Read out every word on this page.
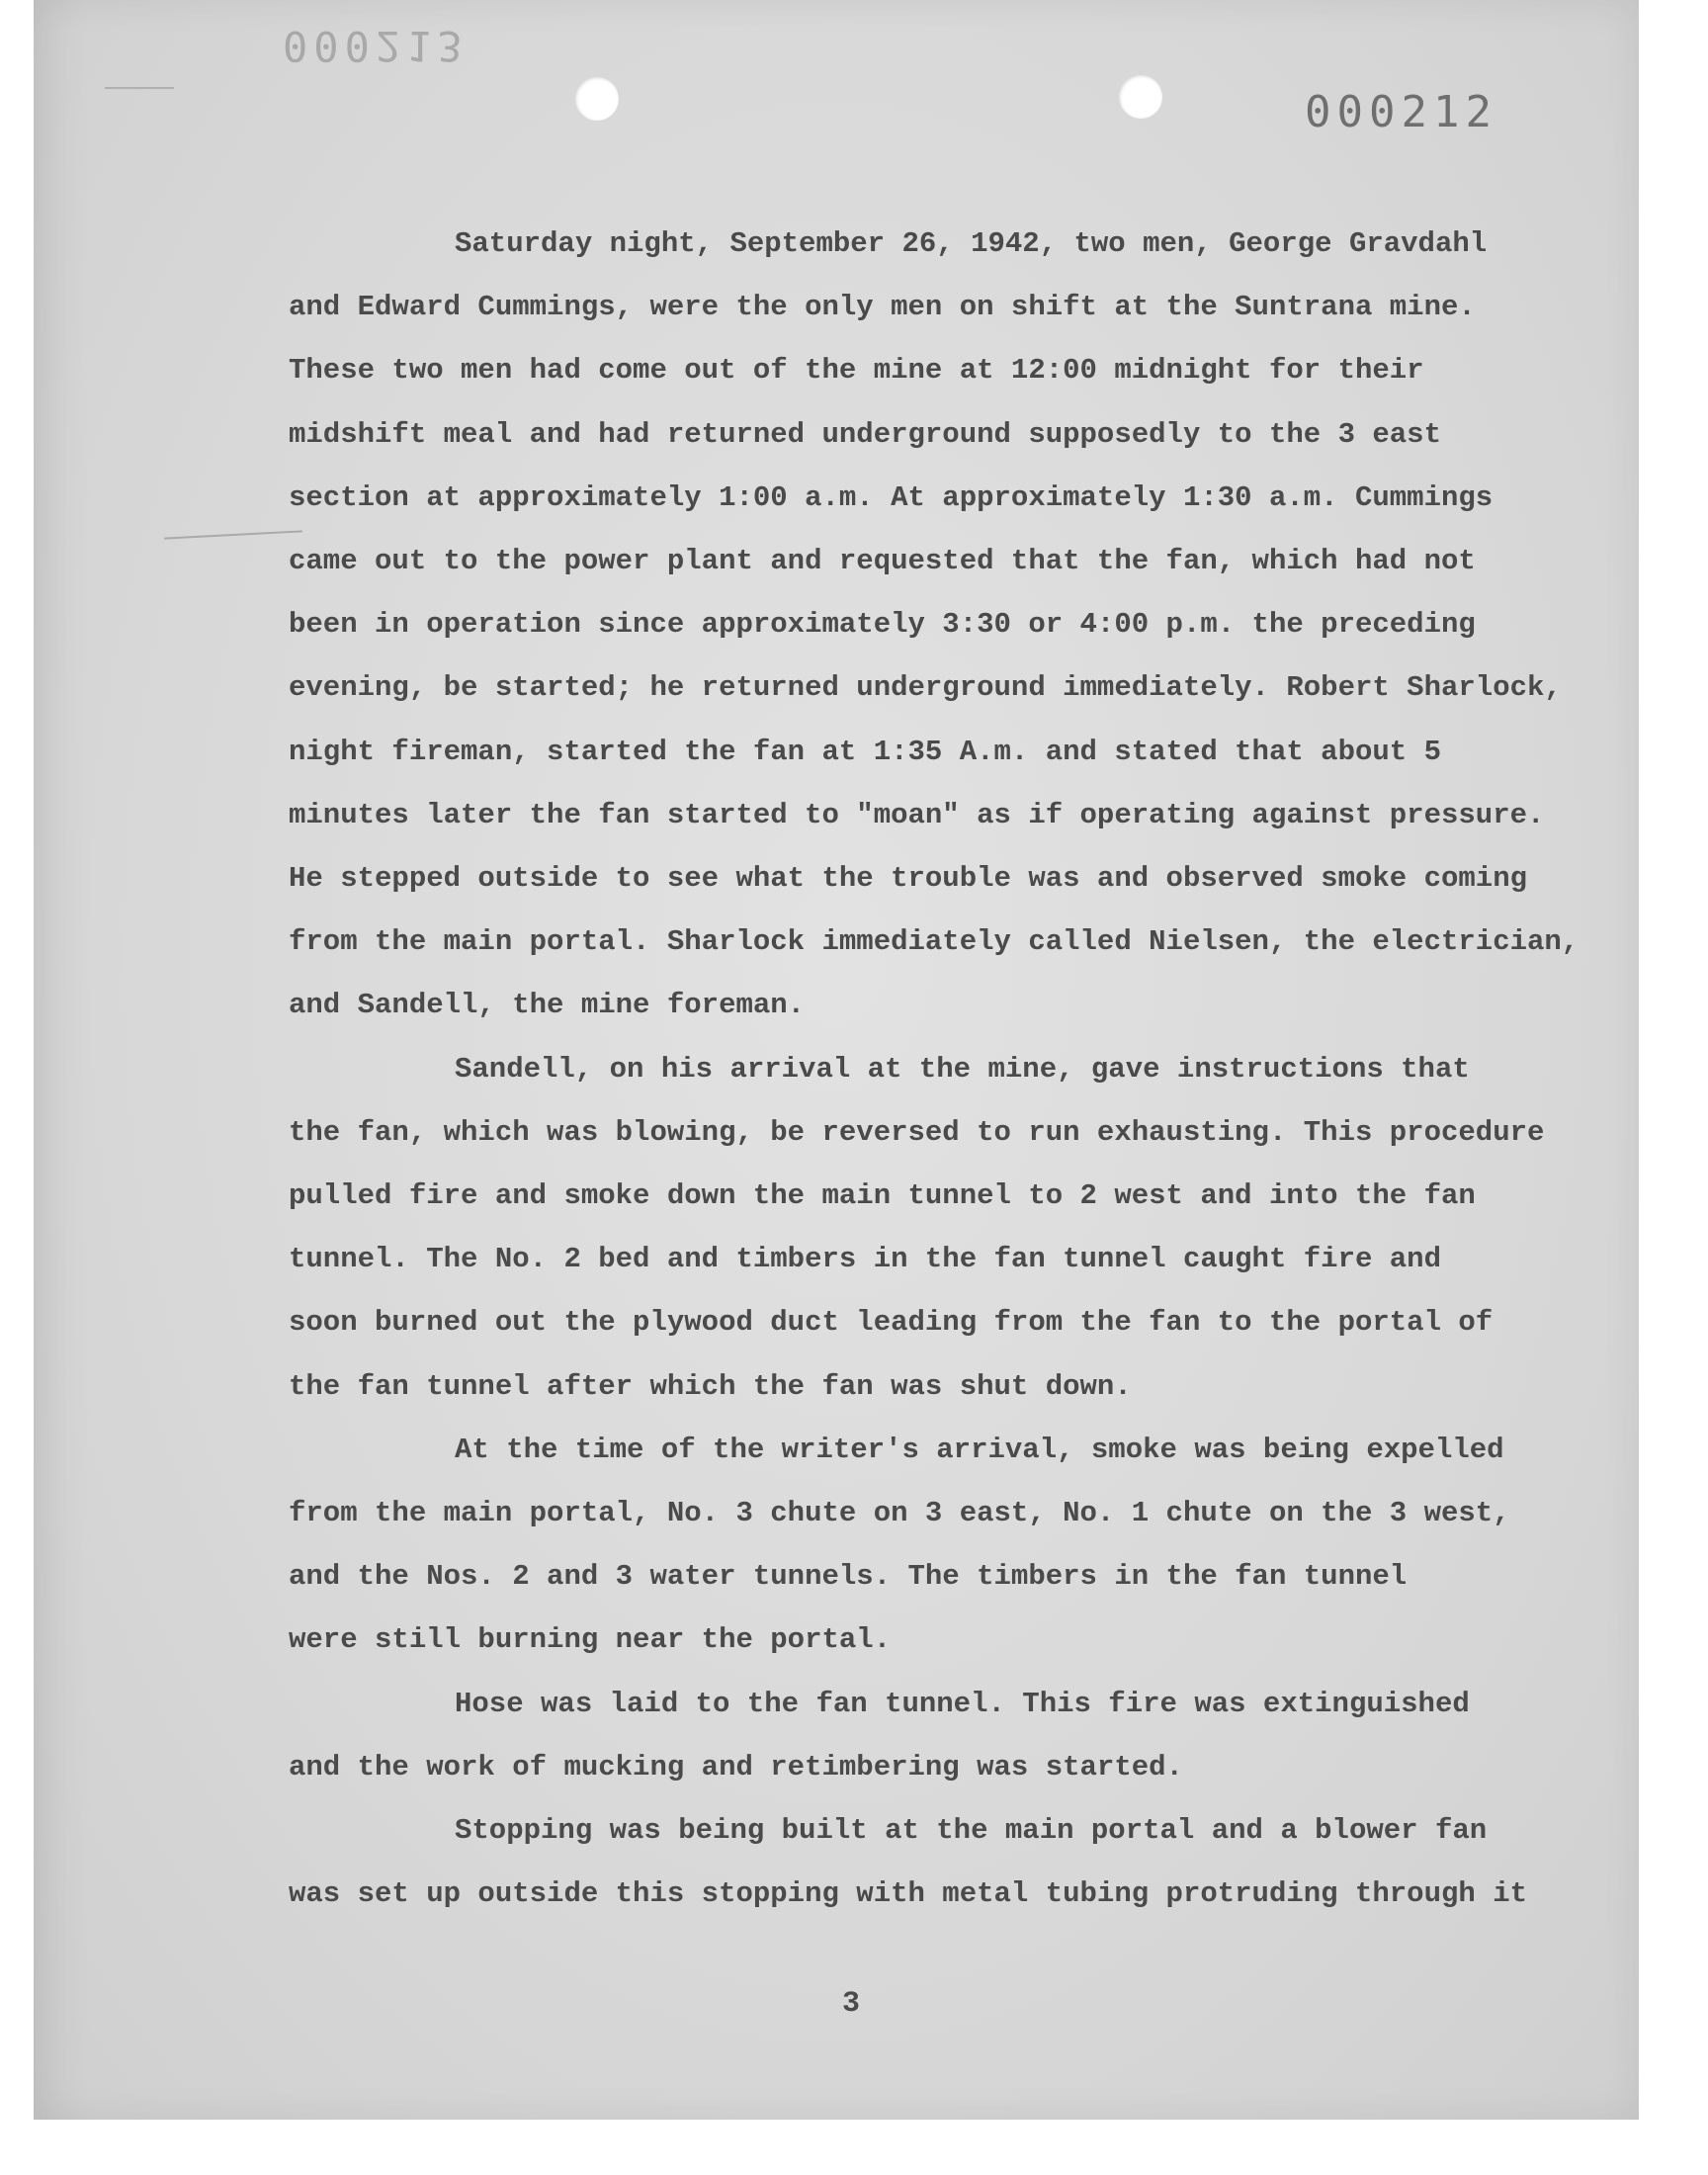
000213
000212

Saturday night, September 26, 1942, two men, George Gravdahl
and Edward Cummings, were the only men on shift at the Suntrana mine.
These two men had come out of the mine at 12:00 midnight for their
midshift meal and had returned underground supposedly to the 3 east
section at approximately 1:00 a.m. At approximately 1:30 a.m. Cummings
came out to the power plant and requested that the fan, which had not
been in operation since approximately 3:30 or 4:00 p.m. the preceding
evening, be started; he returned underground immediately. Robert Sharlock,
night fireman, started the fan at 1:35 A.m. and stated that about 5
minutes later the fan started to "moan" as if operating against pressure.
He stepped outside to see what the trouble was and observed smoke coming
from the main portal. Sharlock immediately called Nielsen, the electrician,
and Sandell, the mine foreman.

Sandell, on his arrival at the mine, gave instructions that
the fan, which was blowing, be reversed to run exhausting. This procedure
pulled fire and smoke down the main tunnel to 2 west and into the fan
tunnel. The No. 2 bed and timbers in the fan tunnel caught fire and
soon burned out the plywood duct leading from the fan to the portal of
the fan tunnel after which the fan was shut down.

At the time of the writer's arrival, smoke was being expelled
from the main portal, No. 3 chute on 3 east, No. 1 chute on the 3 west,
and the Nos. 2 and 3 water tunnels. The timbers in the fan tunnel
were still burning near the portal.

Hose was laid to the fan tunnel. This fire was extinguished
and the work of mucking and retimbering was started.

Stopping was being built at the main portal and a blower fan
was set up outside this stopping with metal tubing protruding through it

3
